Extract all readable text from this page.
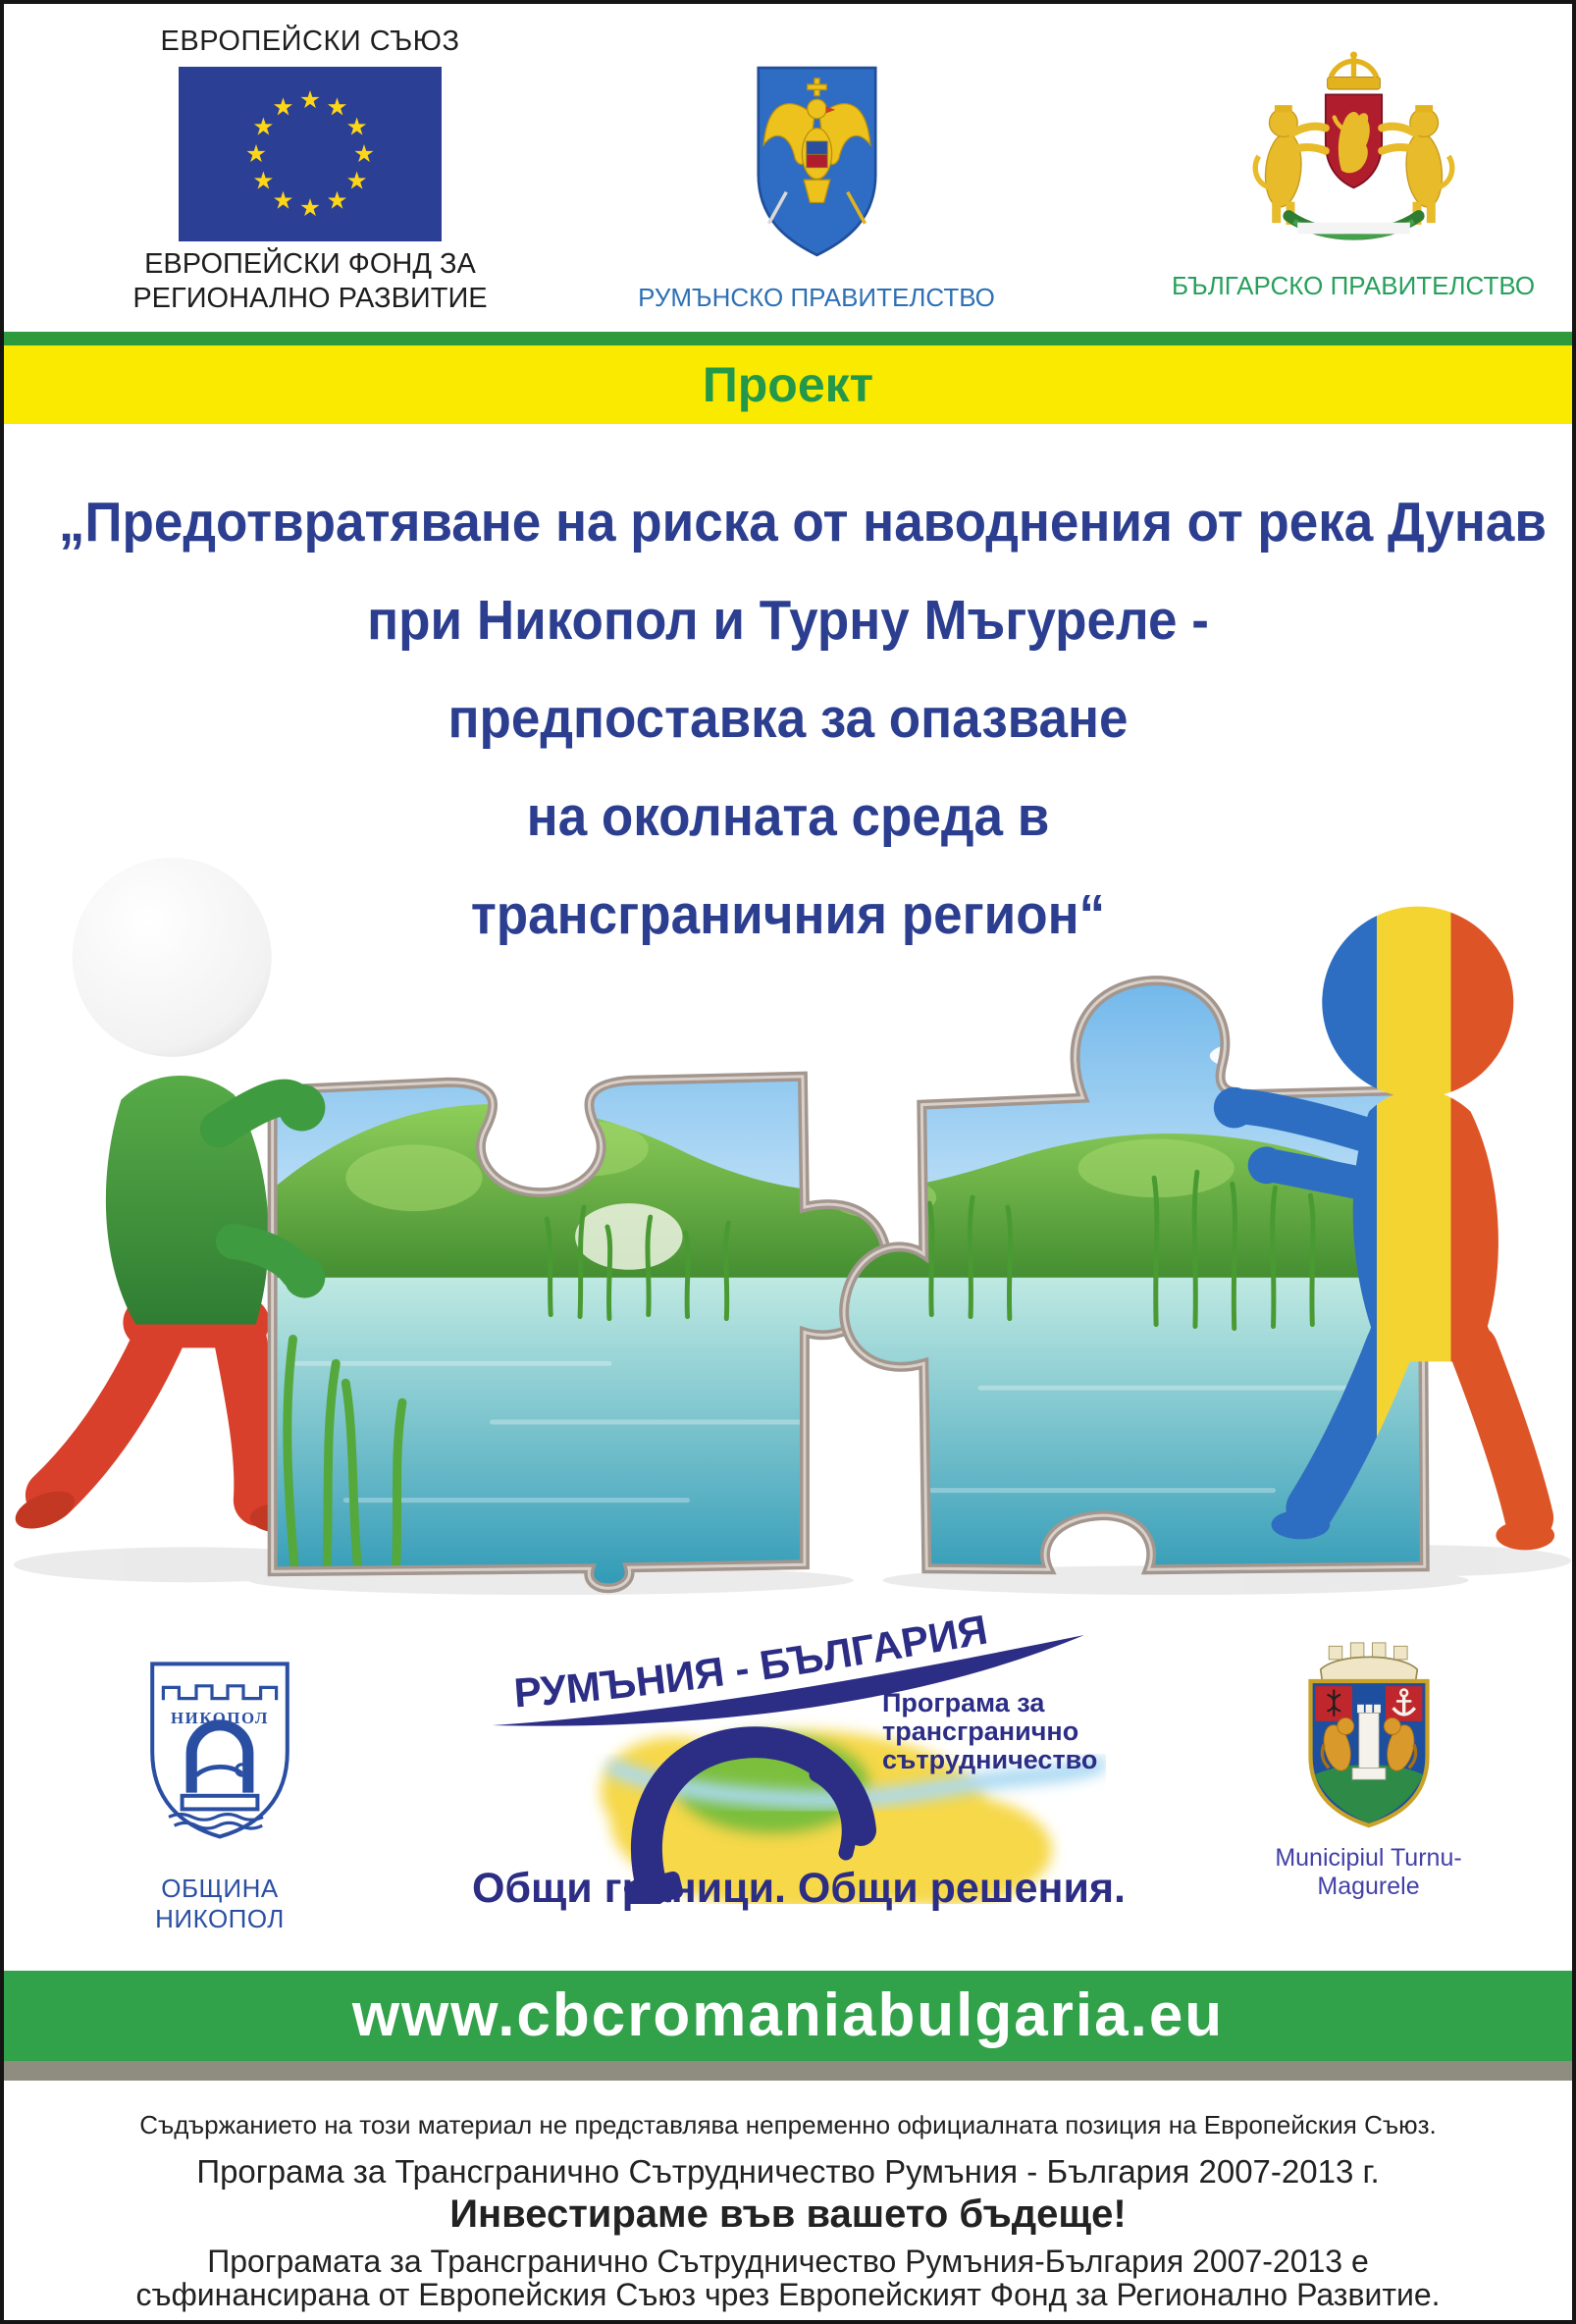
ЕВРОПЕЙСКИ СЪЮЗ
ЕВРОПЕЙСКИ ФОНД ЗА
РЕГИОНАЛНО РАЗВИТИЕ	РУМЪНСКО ПРАВИТЕЛСТВО	БЪЛГАРСКО ПРАВИТЕЛСТВО
Проект
„Предотвратяване на риска от наводнения от река Дунав
при Никопол и Турну Мъгуреле -
предпоставка за опазване
на околната среда в
трансграничния регион“
НИКОПОЛ
ОБЩИНА НИКОПОЛ
РУМЪНИЯ - БЪЛГАРИЯ
Програма за
трансгранично
сътрудничество
Общи граници. Общи решения.
Municipiul Turnu-Magurele
www.cbcromaniabulgaria.eu
Съдържанието на този материал не представлява непременно официалната позиция на Европейския Съюз.
Програма за Трансгранично Сътрудничество Румъния - България 2007-2013 г.
Инвестираме във вашето бъдеще!
Програмата за Трансгранично Сътрудничество Румъния-България 2007-2013 е
съфинансирана от Европейския Съюз чрез Европейският Фонд за Регионално Развитие.
